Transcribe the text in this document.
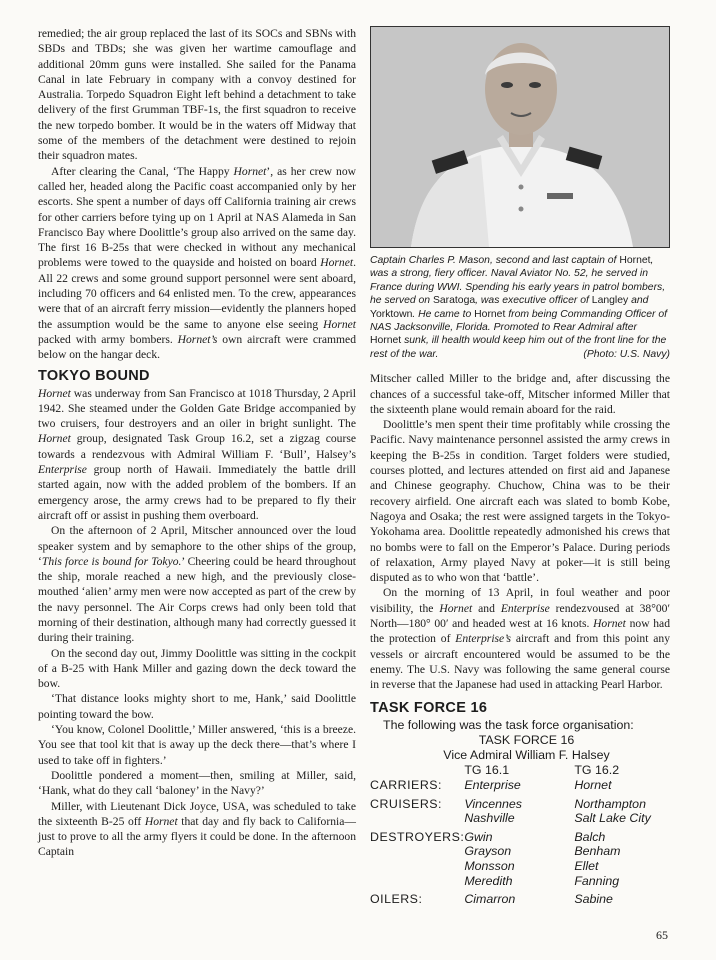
remedied; the air group replaced the last of its SOCs and SBNs with SBDs and TBDs; she was given her wartime camouflage and additional 20mm guns were installed. She sailed for the Panama Canal in late February in company with a convoy destined for Australia. Torpedo Squadron Eight left behind a detachment to take delivery of the first Grumman TBF-1s, the first squadron to receive the new torpedo bomber. It would be in the waters off Midway that some of the members of the detachment were destined to rejoin their squadron mates.

After clearing the Canal, ‘The Happy Hornet’, as her crew now called her, headed along the Pacific coast accompanied only by her escorts. She spent a number of days off California training air crews for other carriers before tying up on 1 April at NAS Alameda in San Francisco Bay where Doolittle’s group also arrived on the same day. The first 16 B-25s that were checked in without any mechanical problems were towed to the quayside and hoisted on board Hornet. All 22 crews and some ground support personnel were sent aboard, including 70 officers and 64 enlisted men. To the crew, appearances were that of an aircraft ferry mission—evidently the planners hoped the assumption would be the same to anyone else seeing Hornet packed with army bombers. Hornet’s own aircraft were crammed below on the hangar deck.

TOKYO BOUND

Hornet was underway from San Francisco at 1018 Thursday, 2 April 1942. She steamed under the Golden Gate Bridge accompanied by two cruisers, four destroyers and an oiler in bright sunlight. The Hornet group, designated Task Group 16.2, set a zigzag course towards a rendezvous with Admiral William F. ‘Bull’, Halsey’s Enterprise group north of Hawaii. Immediately the battle drill started again, now with the added problem of the bombers. If an emergency arose, the army crews had to be prepared to fly their aircraft off or assist in pushing them overboard.

On the afternoon of 2 April, Mitscher announced over the loud speaker system and by semaphore to the other ships of the group, ‘This force is bound for Tokyo.’ Cheering could be heard throughout the ship, morale reached a new high, and the previously close-mouthed ‘alien’ army men were now accepted as part of the crew by the navy personnel. The Air Corps crews had only been told that morning of their destination, although many had correctly guessed it during their training.

On the second day out, Jimmy Doolittle was sitting in the cockpit of a B-25 with Hank Miller and gazing down the deck toward the bow.

‘That distance looks mighty short to me, Hank,’ said Doolittle pointing toward the bow.

‘You know, Colonel Doolittle,’ Miller answered, ‘this is a breeze. You see that tool kit that is away up the deck there—that’s where I used to take off in fighters.’

Doolittle pondered a moment—then, smiling at Miller, said, ‘Hank, what do they call ‘baloney’ in the Navy?’

Miller, with Lieutenant Dick Joyce, USA, was scheduled to take the sixteenth B-25 off Hornet that day and fly back to California—just to prove to all the army flyers it could be done. In the afternoon Captain

Captain Charles P. Mason, second and last captain of Hornet, was a strong, fiery officer. Naval Aviator No. 52, he served in France during WWI. Spending his early years in patrol bombers, he served on Saratoga, was executive officer of Langley and Yorktown. He came to Hornet from being Commanding Officer of NAS Jacksonville, Florida. Promoted to Rear Admiral after Hornet sunk, ill health would keep him out of the front line for the rest of the war.	(Photo: U.S. Navy)

Mitscher called Miller to the bridge and, after discussing the chances of a successful take-off, Mitscher informed Miller that the sixteenth plane would remain aboard for the raid.

Doolittle’s men spent their time profitably while crossing the Pacific. Navy maintenance personnel assisted the army crews in keeping the B-25s in condition. Target folders were studied, courses plotted, and lectures attended on first aid and Japanese and Chinese geography. Chuchow, China was to be their recovery airfield. One aircraft each was slated to bomb Kobe, Nagoya and Osaka; the rest were assigned targets in the Tokyo-Yokohama area. Doolittle repeatedly admonished his crews that no bombs were to fall on the Emperor’s Palace. During periods of relaxation, Army played Navy at poker—it is still being disputed as to who won that ‘battle’.

On the morning of 13 April, in foul weather and poor visibility, the Hornet and Enterprise rendezvoused at 38°00′ North—180° 00′ and headed west at 16 knots. Hornet now had the protection of Enterprise’s aircraft and from this point any vessels or aircraft encountered would be assumed to be the enemy. The U.S. Navy was following the same general course in reverse that the Japanese had used in attacking Pearl Harbor.

TASK FORCE 16

The following was the task force organisation:

TASK FORCE 16

Vice Admiral William F. Halsey

	TG 16.1	TG 16.2
CARRIERS:	Enterprise	Hornet
CRUISERS:	Vincennes	Northampton
	Nashville	Salt Lake City
DESTROYERS:	Gwin	Balch
	Grayson	Benham
	Monsson	Ellet
	Meredith	Fanning
OILERS:	Cimarron	Sabine
65
